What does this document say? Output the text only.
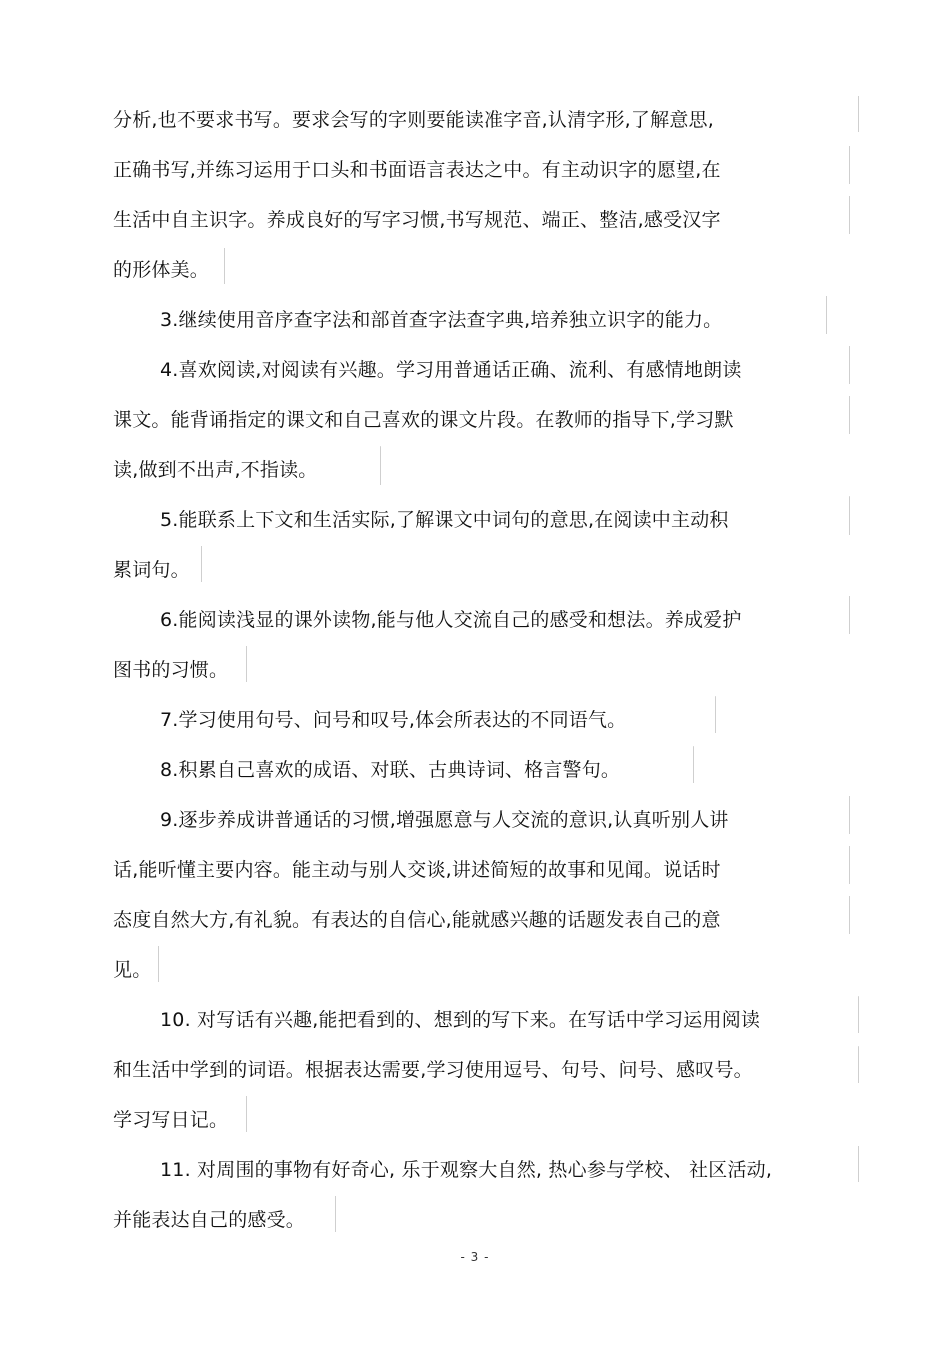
分析,也不要求书写。要求会写的字则要能读准字音,认清字形,了解意思,
正确书写,并练习运用于口头和书面语言表达之中。有主动识字的愿望,在
生活中自主识字。养成良好的写字习惯,书写规范、端正、整洁,感受汉字
的形体美。
3.继续使用音序查字法和部首查字法查字典,培养独立识字的能力。
4.喜欢阅读,对阅读有兴趣。学习用普通话正确、流利、有感情地朗读
课文。能背诵指定的课文和自己喜欢的课文片段。在教师的指导下,学习默
读,做到不出声,不指读。
5.能联系上下文和生活实际,了解课文中词句的意思,在阅读中主动积
累词句。
6.能阅读浅显的课外读物,能与他人交流自己的感受和想法。养成爱护
图书的习惯。
7.学习使用句号、问号和叹号,体会所表达的不同语气。
8.积累自己喜欢的成语、对联、古典诗词、格言警句。
9.逐步养成讲普通话的习惯,增强愿意与人交流的意识,认真听别人讲
话,能听懂主要内容。能主动与别人交谈,讲述简短的故事和见闻。说话时
态度自然大方,有礼貌。有表达的自信心,能就感兴趣的话题发表自己的意
见。
10. 对写话有兴趣,能把看到的、想到的写下来。在写话中学习运用阅读
和生活中学到的词语。根据表达需要,学习使用逗号、句号、问号、感叹号。
学习写日记。
11. 对周围的事物有好奇心, 乐于观察大自然, 热心参与学校、 社区活动,
并能表达自己的感受。
- 3 -
